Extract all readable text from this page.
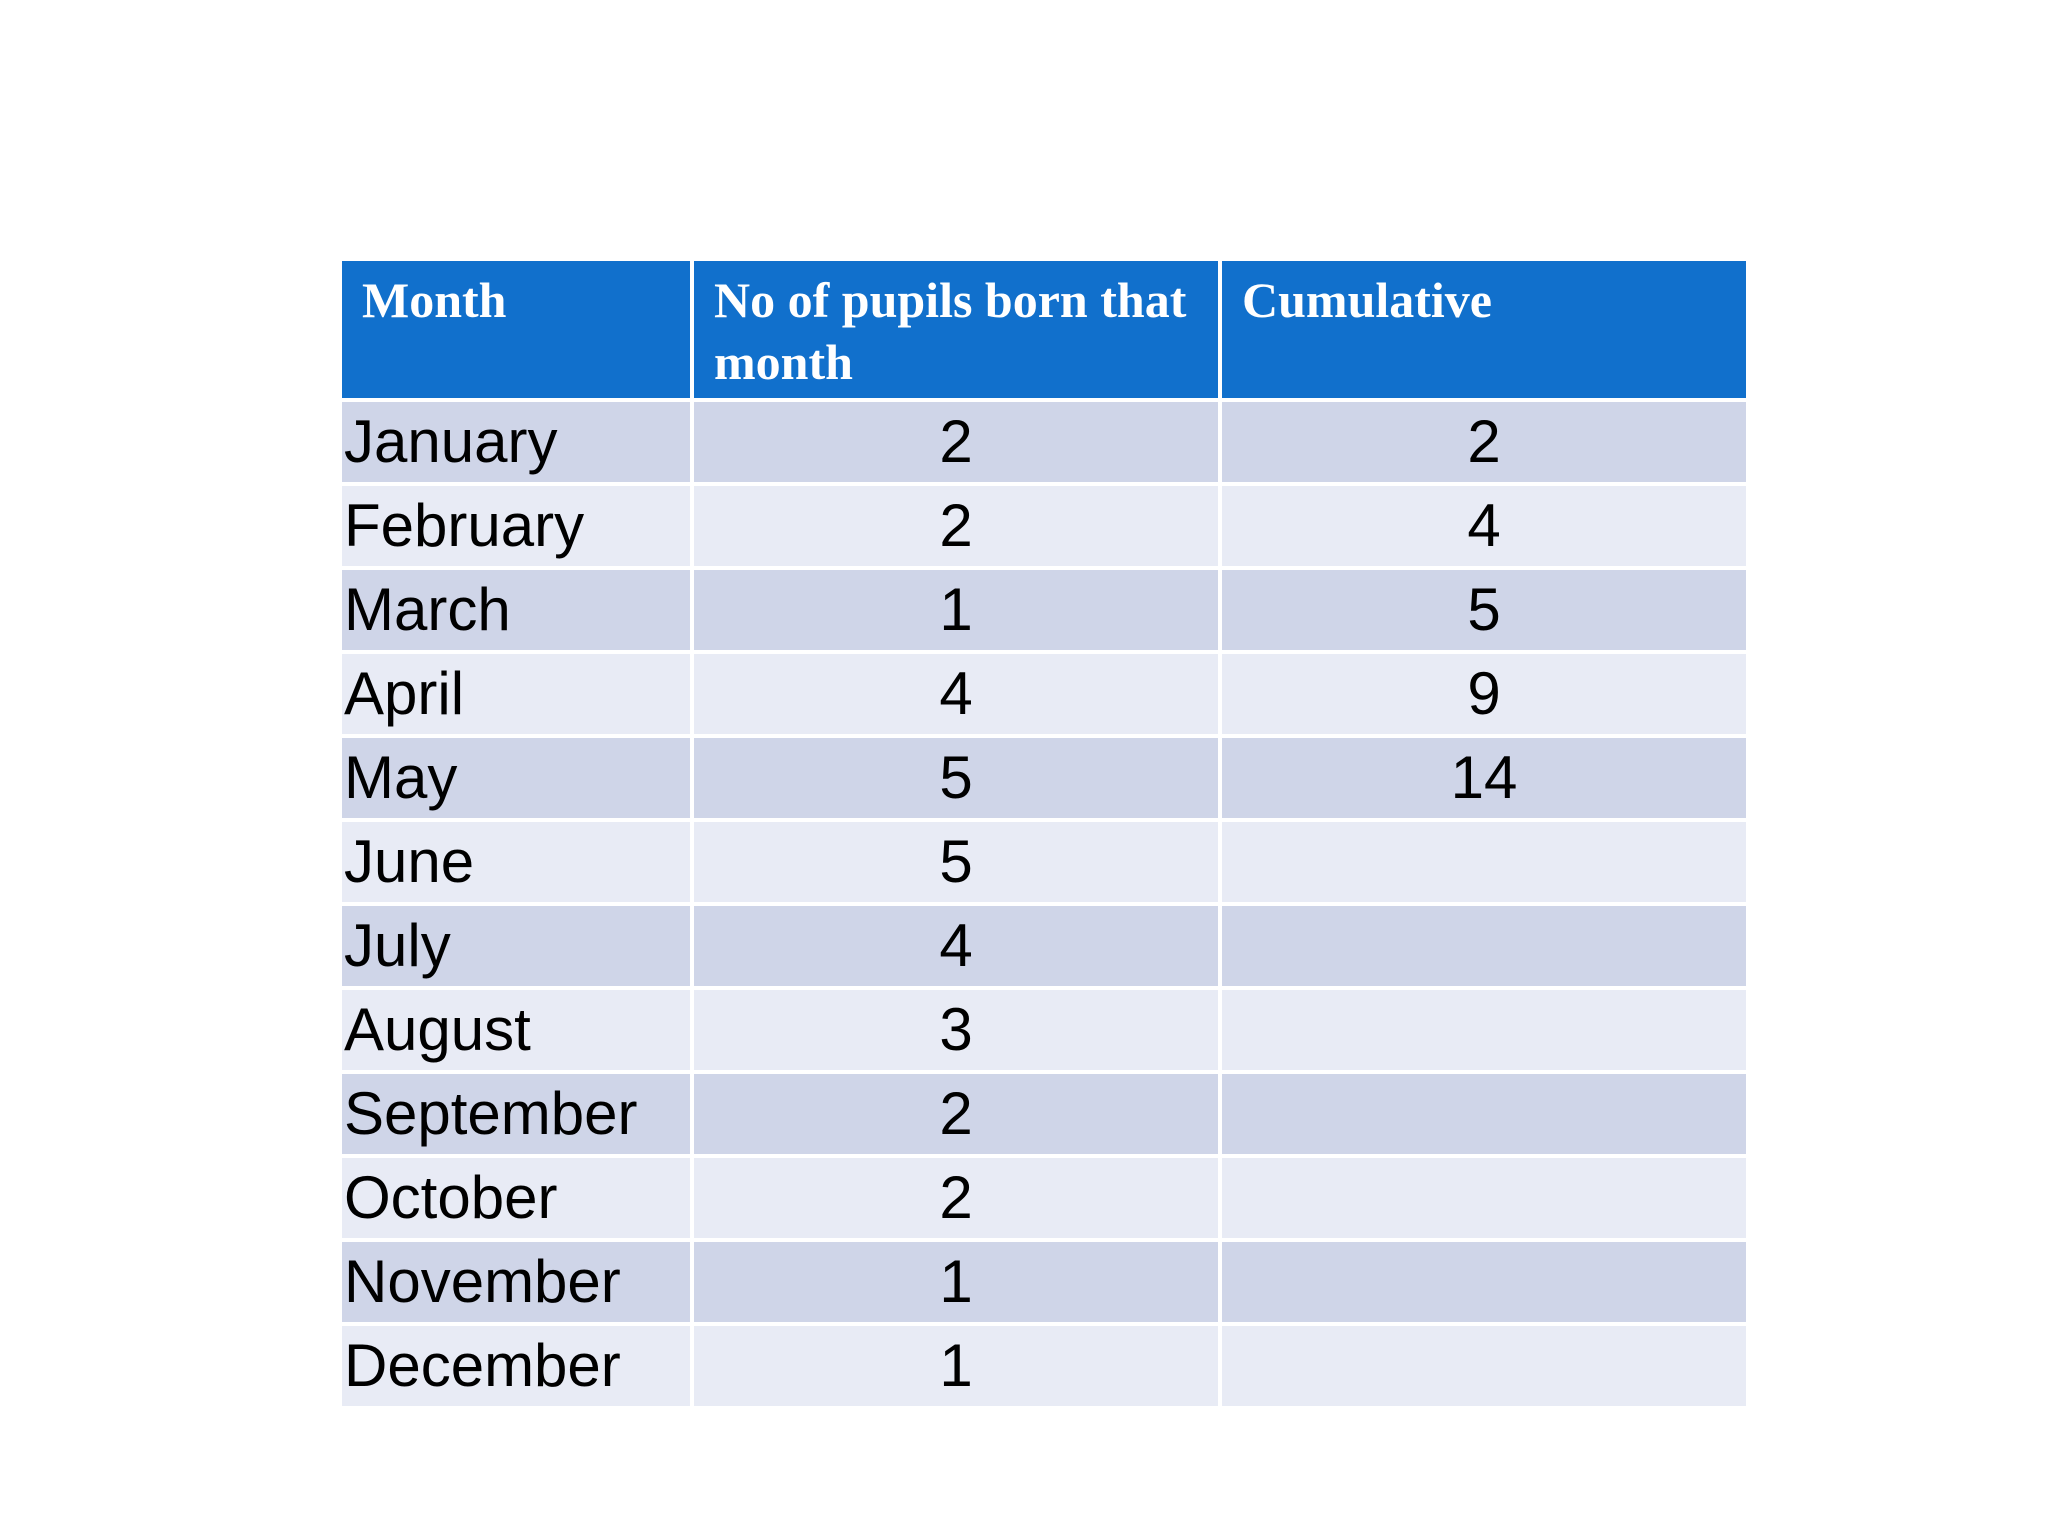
Month	No of pupils born that month	Cumulative
January	2	2
February	2	4
March	1	5
April	4	9
May	5	14
June	5	
July	4	
August	3	
September	2	
October	2	
November	1	
December	1	
